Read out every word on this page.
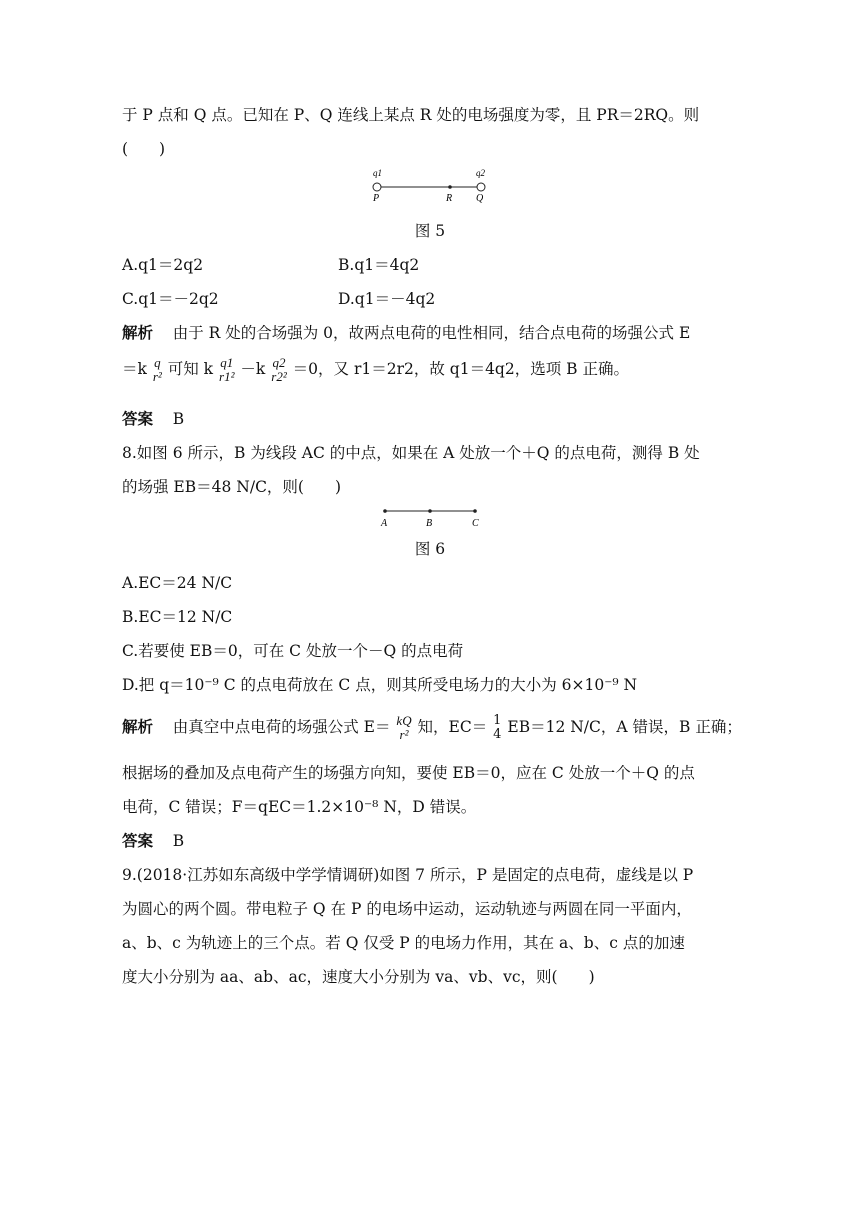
于 P 点和 Q 点。已知在 P、Q 连线上某点 R 处的电场强度为零，且 PR＝2RQ。则
(　　)
q1	q2
P	R Q
图 5
A.q1＝2q2	B.q1＝4q2
C.q1＝－2q2	D.q1＝－4q2
解析 由于 R 处的合场强为 0，故两点电荷的电性相同，结合点电荷的场强公式 E
＝k q
r² 可知 k q1
r1² －k q2
r2² ＝0，又 r1＝2r2，故 q1＝4q2，选项 B 正确。
答案 B
8.如图 6 所示，B 为线段 AC 的中点，如果在 A 处放一个＋Q 的点电荷，测得 B 处
的场强 EB＝48 N/C，则(　　)
A	B	C
图 6
A.EC＝24 N/C
B.EC＝12 N/C
C.若要使 EB＝0，可在 C 处放一个－Q 的点电荷
D.把 q＝10⁻⁹ C 的点电荷放在 C 点，则其所受电场力的大小为 6×10⁻⁹ N
解析 由真空中点电荷的场强公式 E＝ kQ
r² 知，EC＝ 1
4 EB＝12 N/C，A 错误，B 正确；
根据场的叠加及点电荷产生的场强方向知，要使 EB＝0，应在 C 处放一个＋Q 的点
电荷，C 错误；F＝qEC＝1.2×10⁻⁸ N，D 错误。
答案 B
9.(2018·江苏如东高级中学学情调研)如图 7 所示，P 是固定的点电荷，虚线是以 P
为圆心的两个圆。带电粒子 Q 在 P 的电场中运动，运动轨迹与两圆在同一平面内，
a、b、c 为轨迹上的三个点。若 Q 仅受 P 的电场力作用，其在 a、b、c 点的加速
度大小分别为 aa、ab、ac，速度大小分别为 va、vb、vc，则(　　)
